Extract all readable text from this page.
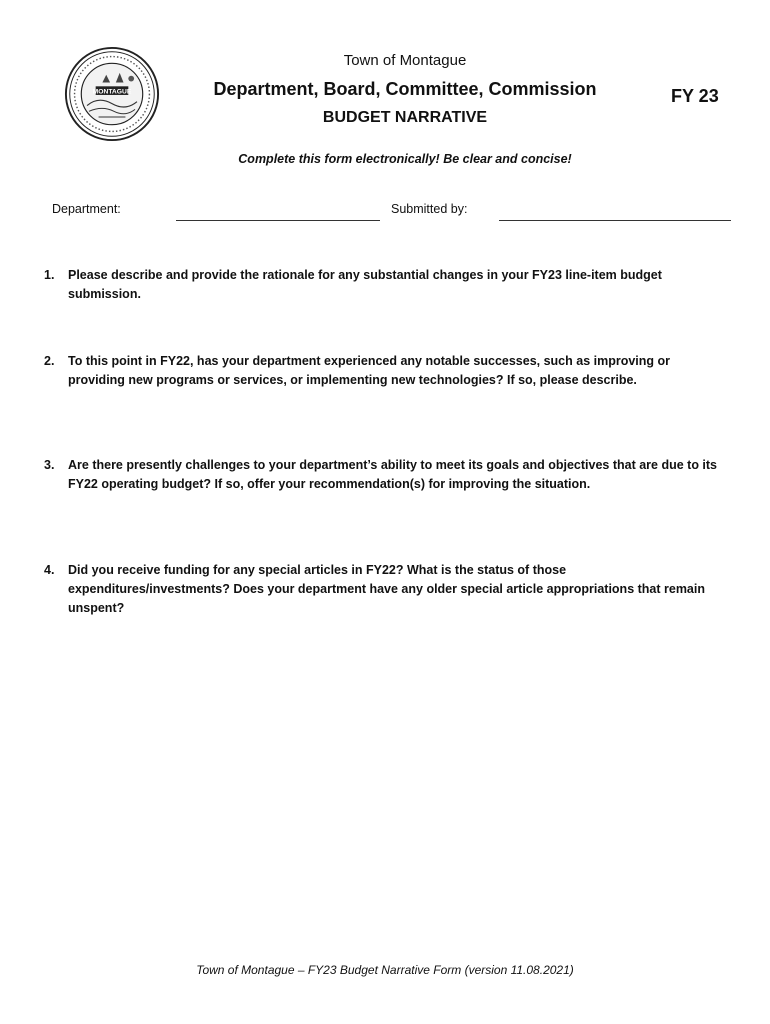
MONTAGUE
Town of Montague
Department, Board, Committee, Commission
BUDGET NARRATIVE
FY 23
Complete this form electronically! Be clear and concise!
Department:	Submitted by:
1. Please describe and provide the rationale for any substantial changes in your FY23 line-item budget submission.
2. To this point in FY22, has your department experienced any notable successes, such as improving or providing new programs or services, or implementing new technologies? If so, please describe.
3. Are there presently challenges to your department’s ability to meet its goals and objectives that are due to its FY22 operating budget? If so, offer your recommendation(s) for improving the situation.
4. Did you receive funding for any special articles in FY22? What is the status of those expenditures/investments? Does your department have any older special article appropriations that remain unspent?
Town of Montague – FY23 Budget Narrative Form (version 11.08.2021)
